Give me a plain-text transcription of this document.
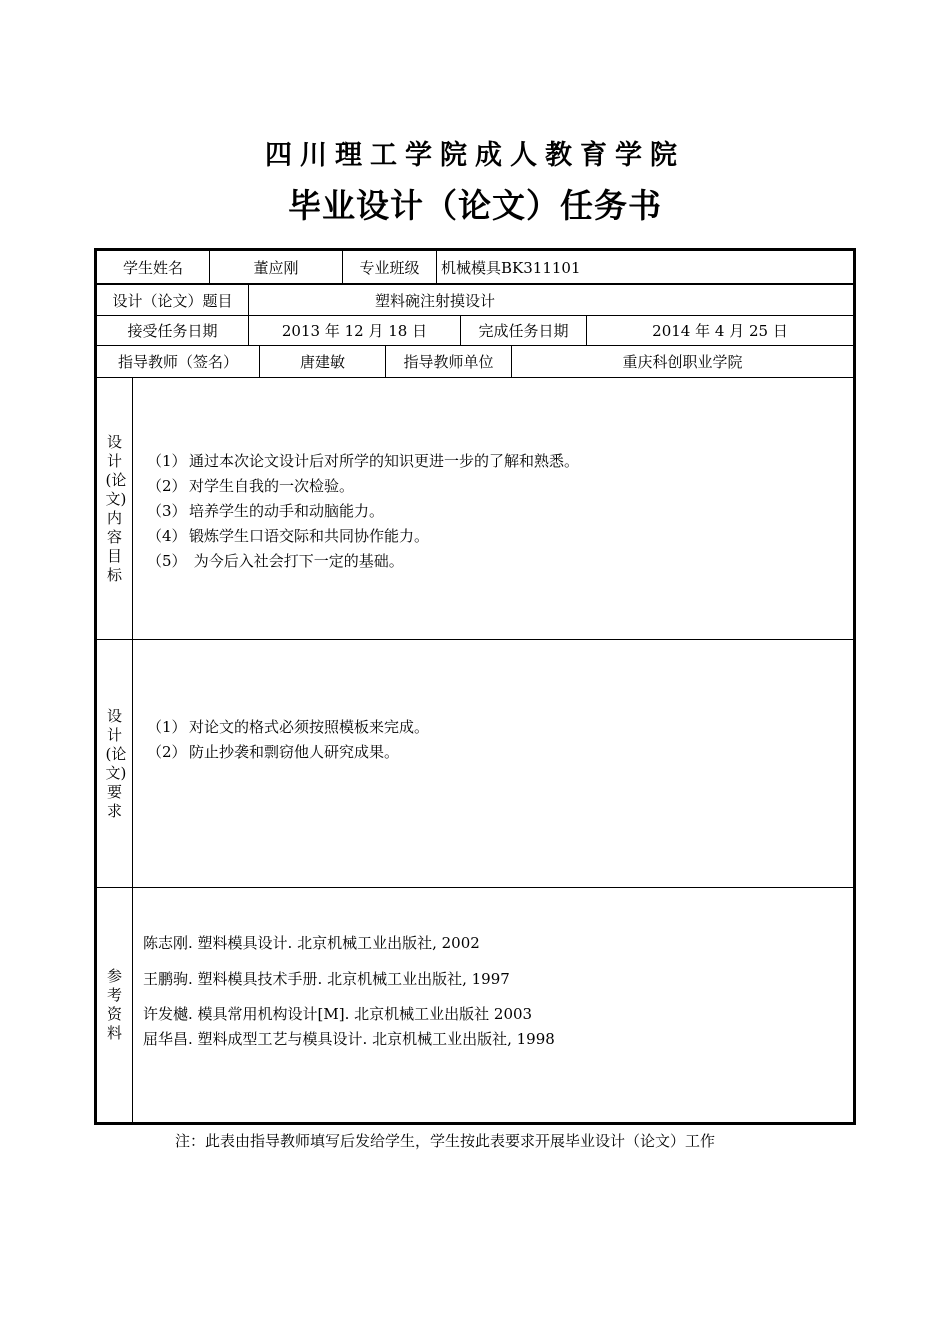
四川理工学院成人教育学院
毕业设计（论文）任务书
学生姓名	董应刚	专业班级	机械模具BK311101
设计（论文）题目	塑料碗注射摸设计
接受任务日期	2013 年 12 月 18 日	完成任务日期	2014 年 4 月 25 日
指导教师（签名）	唐建敏	指导教师单位	重庆科创职业学院
设计(论文)内容目标
（1） 通过本次论文设计后对所学的知识更进一步的了解和熟悉。
（2） 对学生自我的一次检验。
（3） 培养学生的动手和动脑能力。
（4） 锻炼学生口语交际和共同协作能力。
（5） 为今后入社会打下一定的基础。
设计(论文)要求
（1） 对论文的格式必须按照模板来完成。
（2） 防止抄袭和剽窃他人研究成果。
参考资料
陈志刚. 塑料模具设计. 北京机械工业出版社, 2002
王鹏驹. 塑料模具技术手册. 北京机械工业出版社, 1997
许发樾. 模具常用机构设计[M]. 北京机械工业出版社 2003
屈华昌. 塑料成型工艺与模具设计. 北京机械工业出版社, 1998
注：此表由指导教师填写后发给学生，学生按此表要求开展毕业设计（论文）工作
